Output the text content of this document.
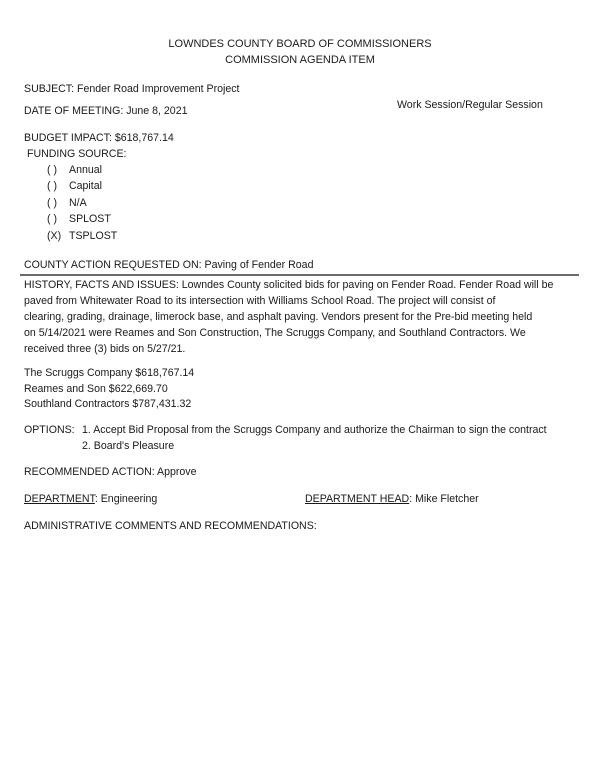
LOWNDES COUNTY BOARD OF COMMISSIONERS
COMMISSION AGENDA ITEM
SUBJECT: Fender Road Improvement Project
DATE OF MEETING: June 8, 2021	Work Session/Regular Session
BUDGET IMPACT: $618,767.14
FUNDING SOURCE:
( ) Annual
( ) Capital
( ) N/A
( ) SPLOST
(X) TSPLOST
COUNTY ACTION REQUESTED ON: Paving of Fender Road
HISTORY, FACTS AND ISSUES: Lowndes County solicited bids for paving on Fender Road. Fender Road will be
paved from Whitewater Road to its intersection with Williams School Road. The project will consist of
clearing, grading, drainage, limerock base, and asphalt paving. Vendors present for the Pre-bid meeting held
on 5/14/2021 were Reames and Son Construction, The Scruggs Company, and Southland Contractors. We
received three (3) bids on 5/27/21.
The Scruggs Company $618,767.14
Reames and Son $622,669.70
Southland Contractors $787,431.32
OPTIONS: 1. Accept Bid Proposal from the Scruggs Company and authorize the Chairman to sign the contract
2. Board's Pleasure
RECOMMENDED ACTION: Approve
DEPARTMENT: Engineering	DEPARTMENT HEAD: Mike Fletcher
ADMINISTRATIVE COMMENTS AND RECOMMENDATIONS:
